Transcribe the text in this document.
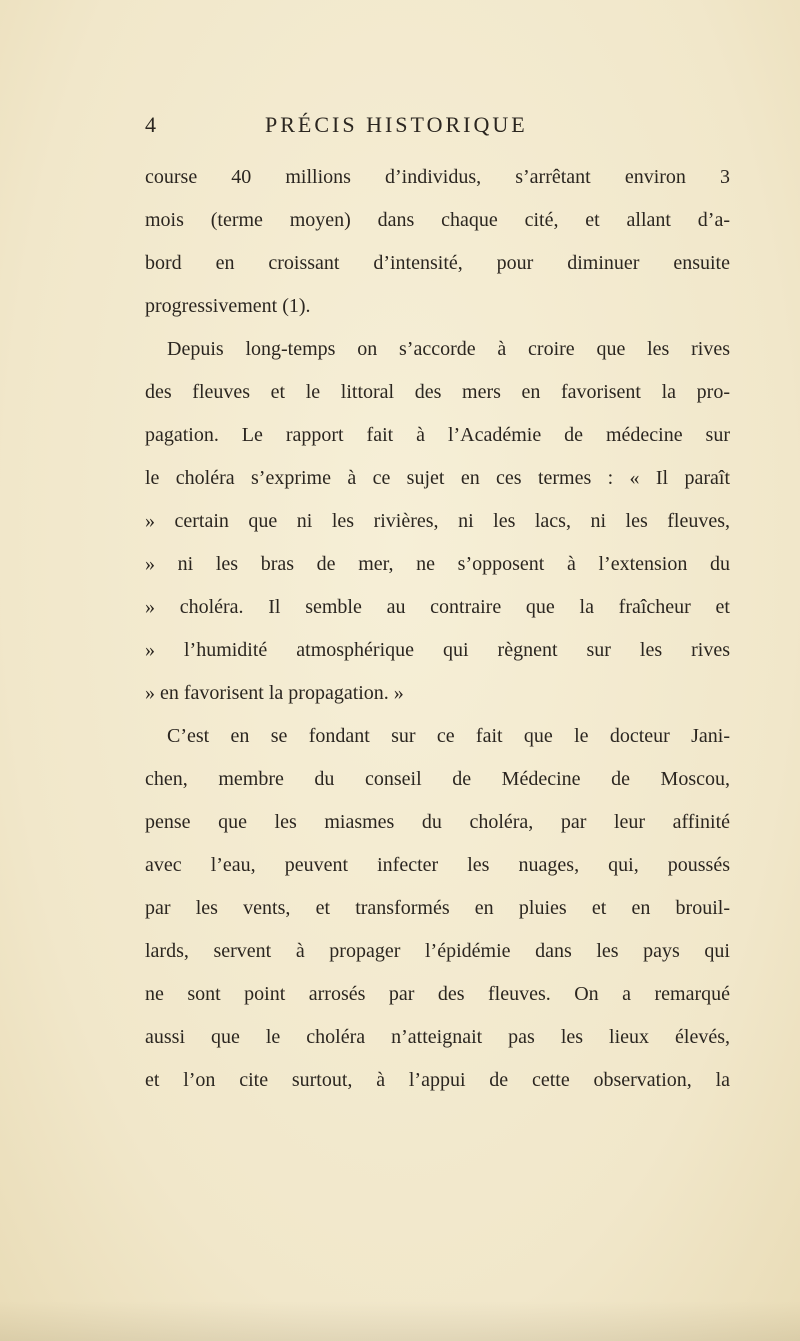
4	PRÉCIS HISTORIQUE
course 40 millions d’individus, s’arrêtant environ 3
mois (terme moyen) dans chaque cité, et allant d’a-
bord en croissant d’intensité, pour diminuer ensuite
progressivement (1).
Depuis long-temps on s’accorde à croire que les rives
des fleuves et le littoral des mers en favorisent la pro-
pagation. Le rapport fait à l’Académie de médecine sur
le choléra s’exprime à ce sujet en ces termes : « Il paraît
» certain que ni les rivières, ni les lacs, ni les fleuves,
» ni les bras de mer, ne s’opposent à l’extension du
» choléra. Il semble au contraire que la fraîcheur et
» l’humidité atmosphérique qui règnent sur les rives
» en favorisent la propagation. »
C’est en se fondant sur ce fait que le docteur Jani-
chen, membre du conseil de Médecine de Moscou,
pense que les miasmes du choléra, par leur affinité
avec l’eau, peuvent infecter les nuages, qui, poussés
par les vents, et transformés en pluies et en brouil-
lards, servent à propager l’épidémie dans les pays qui
ne sont point arrosés par des fleuves. On a remarqué
aussi que le choléra n’atteignait pas les lieux élevés,
et l’on cite surtout, à l’appui de cette observation, la
